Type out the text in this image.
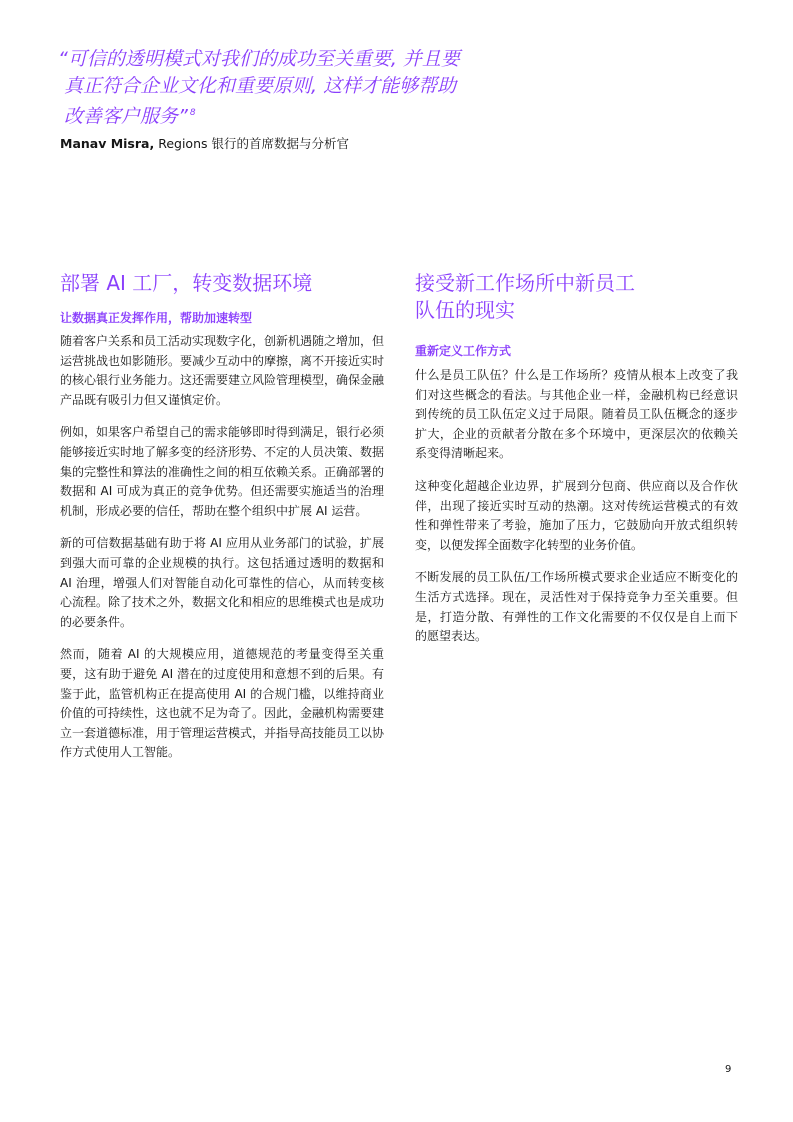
“可信的透明模式对我们的成功至关重要, 并且要
真正符合企业文化和重要原则, 这样才能够帮助
改善客户服务” $^8$
Manav Misra, Regions 银行的首席数据与分析官
部署 AI 工厂，转变数据环境
让数据真正发挥作用，帮助加速转型

随着客户关系和员工活动实现数字化，创新机遇随之增加，但运营挑战也如影随形。要减少互动中的摩擦，离不开接近实时的核心银行业务能力。这还需要建立风险管理模型，确保金融产品既有吸引力但又谨慎定价。

例如，如果客户希望自己的需求能够即时得到满足，银行必须能够接近实时地了解多变的经济形势、不定的人员决策、数据集的完整性和算法的准确性之间的相互依赖关系。正确部署的数据和 AI 可成为真正的竞争优势。但还需要实施适当的治理机制，形成必要的信任，帮助在整个组织中扩展 AI 运营。

新的可信数据基础有助于将 AI 应用从业务部门的试验，扩展到强大而可靠的企业规模的执行。这包括通过透明的数据和 AI 治理，增强人们对智能自动化可靠性的信心，从而转变核心流程。除了技术之外，数据文化和相应的思维模式也是成功的必要条件。

然而，随着 AI 的大规模应用，道德规范的考量变得至关重要，这有助于避免 AI 潜在的过度使用和意想不到的后果。有鉴于此，监管机构正在提高使用 AI 的合规门槛，以维持商业价值的可持续性，这也就不足为奇了。因此，金融机构需要建立一套道德标准，用于管理运营模式，并指导高技能员工以协作方式使用人工智能。

接受新工作场所中新员工
队伍的现实
重新定义工作方式

什么是员工队伍？什么是工作场所？疫情从根本上改变了我们对这些概念的看法。与其他企业一样，金融机构已经意识到传统的员工队伍定义过于局限。随着员工队伍概念的逐步扩大，企业的贡献者分散在多个环境中，更深层次的依赖关系变得清晰起来。

这种变化超越企业边界，扩展到分包商、供应商以及合作伙伴，出现了接近实时互动的热潮。这对传统运营模式的有效性和弹性带来了考验，施加了压力，它鼓励向开放式组织转变，以便发挥全面数字化转型的业务价值。

不断发展的员工队伍/工作场所模式要求企业适应不断变化的生活方式选择。现在，灵活性对于保持竞争力至关重要。但是，打造分散、有弹性的工作文化需要的不仅仅是自上而下的愿望表达。

9
